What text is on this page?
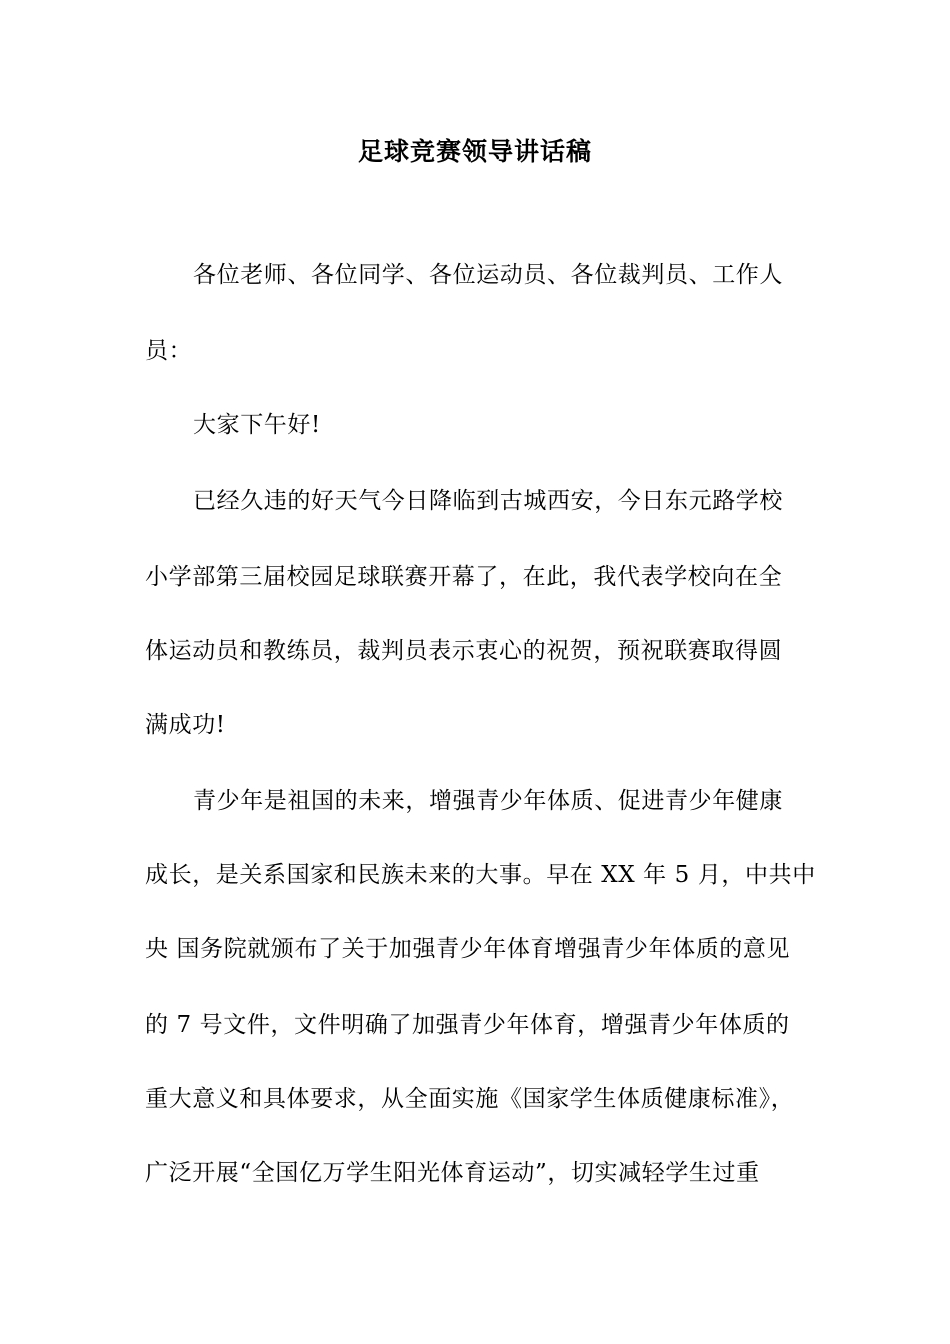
足球竞赛领导讲话稿
各位老师、各位同学、各位运动员、各位裁判员、工作人
员：
大家下午好!
已经久违的好天气今日降临到古城西安，今日东元路学校
小学部第三届校园足球联赛开幕了，在此，我代表学校向在全
体运动员和教练员，裁判员表示衷心的祝贺，预祝联赛取得圆
满成功!
青少年是祖国的未来，增强青少年体质、促进青少年健康
成长，是关系国家和民族未来的大事。早在 XX 年 5 月，中共中
央 国务院就颁布了关于加强青少年体育增强青少年体质的意见
的 7 号文件，文件明确了加强青少年体育，增强青少年体质的
重大意义和具体要求，从全面实施《国家学生体质健康标准》，
广泛开展“全国亿万学生阳光体育运动”，切实减轻学生过重
